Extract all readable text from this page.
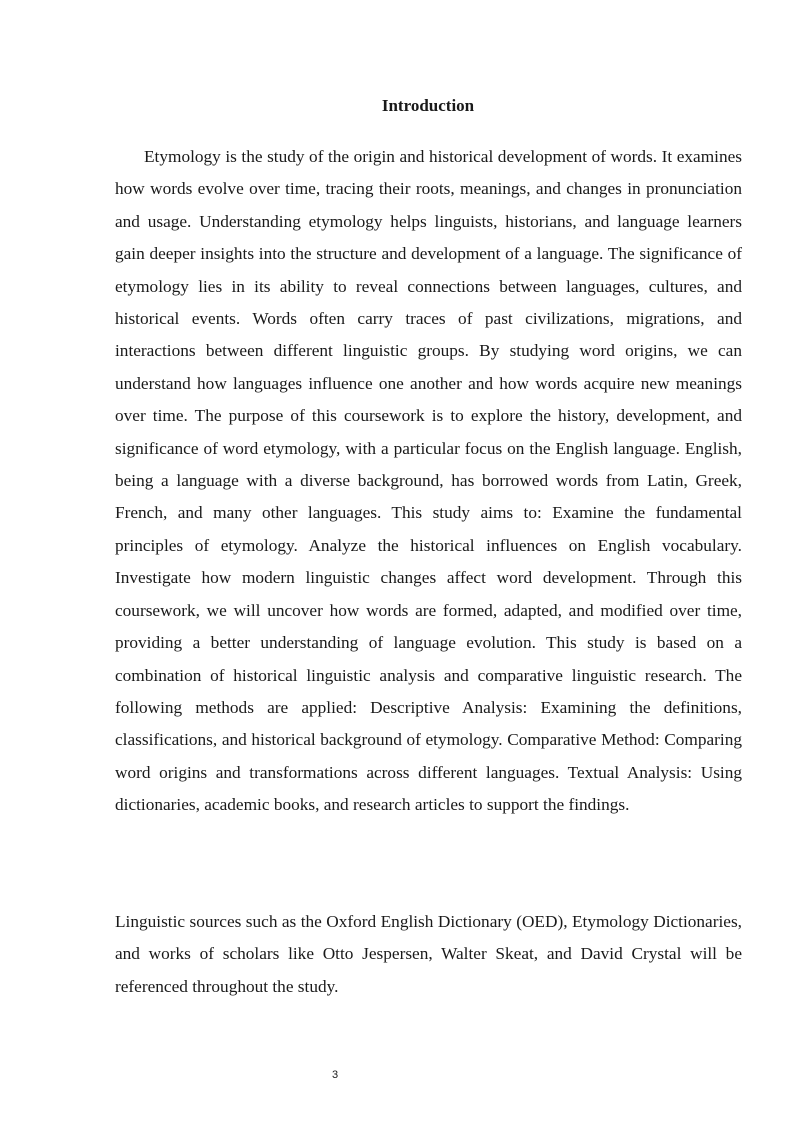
Introduction

Etymology is the study of the origin and historical development of words. It examines how words evolve over time, tracing their roots, meanings, and changes in pronunciation and usage. Understanding etymology helps linguists, historians, and language learners gain deeper insights into the structure and development of a language. The significance of etymology lies in its ability to reveal connections between languages, cultures, and historical events. Words often carry traces of past civilizations, migrations, and interactions between different linguistic groups. By studying word origins, we can understand how languages influence one another and how words acquire new meanings over time. The purpose of this coursework is to explore the history, development, and significance of word etymology, with a particular focus on the English language. English, being a language with a diverse background, has borrowed words from Latin, Greek, French, and many other languages. This study aims to: Examine the fundamental principles of etymology. Analyze the historical influences on English vocabulary. Investigate how modern linguistic changes affect word development. Through this coursework, we will uncover how words are formed, adapted, and modified over time, providing a better understanding of language evolution. This study is based on a combination of historical linguistic analysis and comparative linguistic research. The following methods are applied: Descriptive Analysis: Examining the definitions, classifications, and historical background of etymology. Comparative Method: Comparing word origins and transformations across different languages. Textual Analysis: Using dictionaries, academic books, and research articles to support the findings.

Linguistic sources such as the Oxford English Dictionary (OED), Etymology Dictionaries, and works of scholars like Otto Jespersen, Walter Skeat, and David Crystal will be referenced throughout the study.

3
